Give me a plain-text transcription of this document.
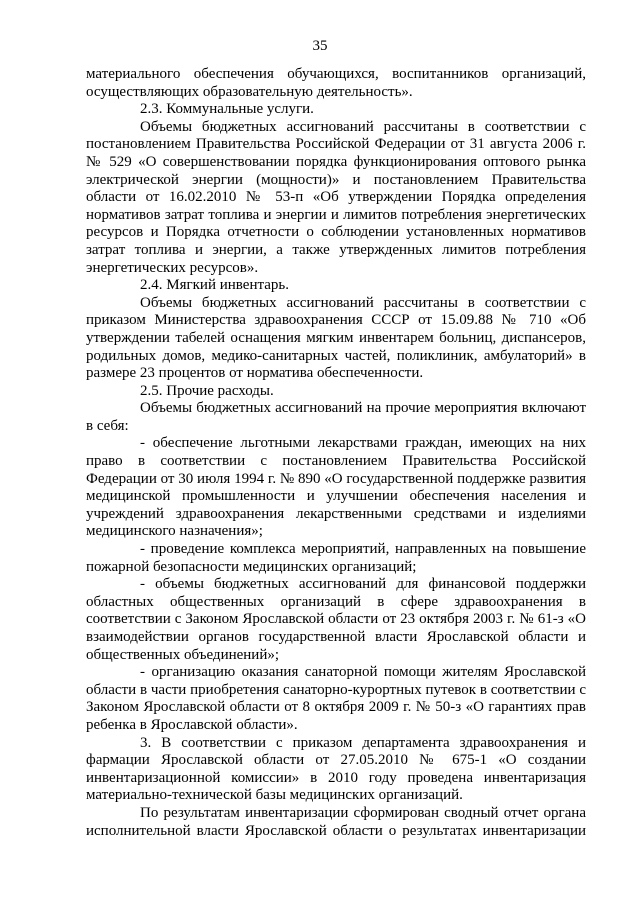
35

материального обеспечения обучающихся, воспитанников организаций, осуществляющих образовательную деятельность».

2.3. Коммунальные услуги.

Объемы бюджетных ассигнований рассчитаны в соответствии с постановлением Правительства Российской Федерации от 31 августа 2006 г. № 529 «О совершенствовании порядка функционирования оптового рынка электрической энергии (мощности)» и постановлением Правительства области от 16.02.2010 № 53-п «Об утверждении Порядка определения нормативов затрат топлива и энергии и лимитов потребления энергетических ресурсов и Порядка отчетности о соблюдении установленных нормативов затрат топлива и энергии, а также утвержденных лимитов потребления энергетических ресурсов».

2.4. Мягкий инвентарь.

Объемы бюджетных ассигнований рассчитаны в соответствии с приказом Министерства здравоохранения СССР от 15.09.88 № 710 «Об утверждении табелей оснащения мягким инвентарем больниц, диспансеров, родильных домов, медико-санитарных частей, поликлиник, амбулаторий» в размере 23 процентов от норматива обеспеченности.

2.5. Прочие расходы.

Объемы бюджетных ассигнований на прочие мероприятия включают в себя:

- обеспечение льготными лекарствами граждан, имеющих на них право в соответствии с постановлением Правительства Российской Федерации от 30 июля 1994 г. № 890 «О государственной поддержке развития медицинской промышленности и улучшении обеспечения населения и учреждений здравоохранения лекарственными средствами и изделиями медицинского назначения»;

- проведение комплекса мероприятий, направленных на повышение пожарной безопасности медицинских организаций;

- объемы бюджетных ассигнований для финансовой поддержки областных общественных организаций в сфере здравоохранения в соответствии с Законом Ярославской области от 23 октября 2003 г. № 61-з «О взаимодействии органов государственной власти Ярославской области и общественных объединений»;

- организацию оказания санаторной помощи жителям Ярославской области в части приобретения санаторно-курортных путевок в соответствии с Законом Ярославской области от 8 октября 2009 г. № 50-з «О гарантиях прав ребенка в Ярославской области».

3. В соответствии с приказом департамента здравоохранения и фармации Ярославской области от 27.05.2010 № 675-1 «О создании инвентаризационной комиссии» в 2010 году проведена инвентаризация материально-технической базы медицинских организаций.

По результатам инвентаризации сформирован сводный отчет органа исполнительной власти Ярославской области о результатах инвентаризации
